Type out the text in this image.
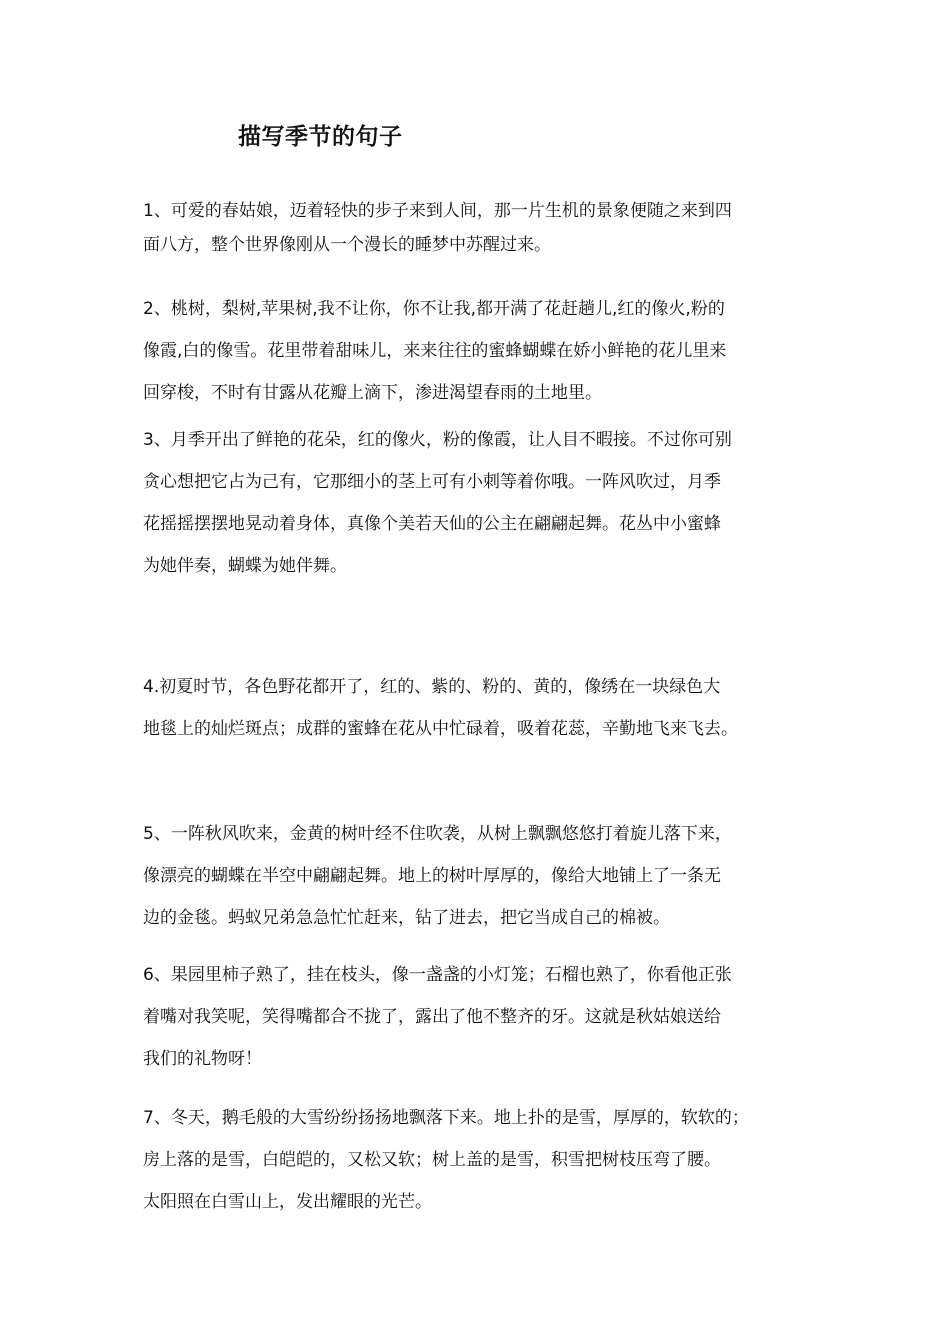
描写季节的句子

1、可爱的春姑娘，迈着轻快的步子来到人间，那一片生机的景象便随之来到四
面八方，整个世界像刚从一个漫长的睡梦中苏醒过来。

2、桃树，梨树,苹果树,我不让你，你不让我,都开满了花赶趟儿,红的像火,粉的
像霞,白的像雪。花里带着甜味儿，来来往往的蜜蜂蝴蝶在娇小鲜艳的花儿里来
回穿梭，不时有甘露从花瓣上滴下，渗进渴望春雨的土地里。

3、月季开出了鲜艳的花朵，红的像火，粉的像霞，让人目不暇接。不过你可别
贪心想把它占为己有，它那细小的茎上可有小刺等着你哦。一阵风吹过，月季
花摇摇摆摆地晃动着身体，真像个美若天仙的公主在翩翩起舞。花丛中小蜜蜂
为她伴奏，蝴蝶为她伴舞。

4.初夏时节，各色野花都开了，红的、紫的、粉的、黄的，像绣在一块绿色大
地毯上的灿烂斑点；成群的蜜蜂在花从中忙碌着，吸着花蕊，辛勤地飞来飞去。

5、一阵秋风吹来，金黄的树叶经不住吹袭，从树上飘飘悠悠打着旋儿落下来，
像漂亮的蝴蝶在半空中翩翩起舞。地上的树叶厚厚的，像给大地铺上了一条无
边的金毯。蚂蚁兄弟急急忙忙赶来，钻了进去，把它当成自己的棉被。

6、果园里柿子熟了，挂在枝头，像一盏盏的小灯笼；石榴也熟了，你看他正张
着嘴对我笑呢，笑得嘴都合不拢了，露出了他不整齐的牙。这就是秋姑娘送给
我们的礼物呀！

7、冬天，鹅毛般的大雪纷纷扬扬地飘落下来。地上扑的是雪，厚厚的，软软的；
房上落的是雪，白皑皑的，又松又软；树上盖的是雪，积雪把树枝压弯了腰。
太阳照在白雪山上，发出耀眼的光芒。
